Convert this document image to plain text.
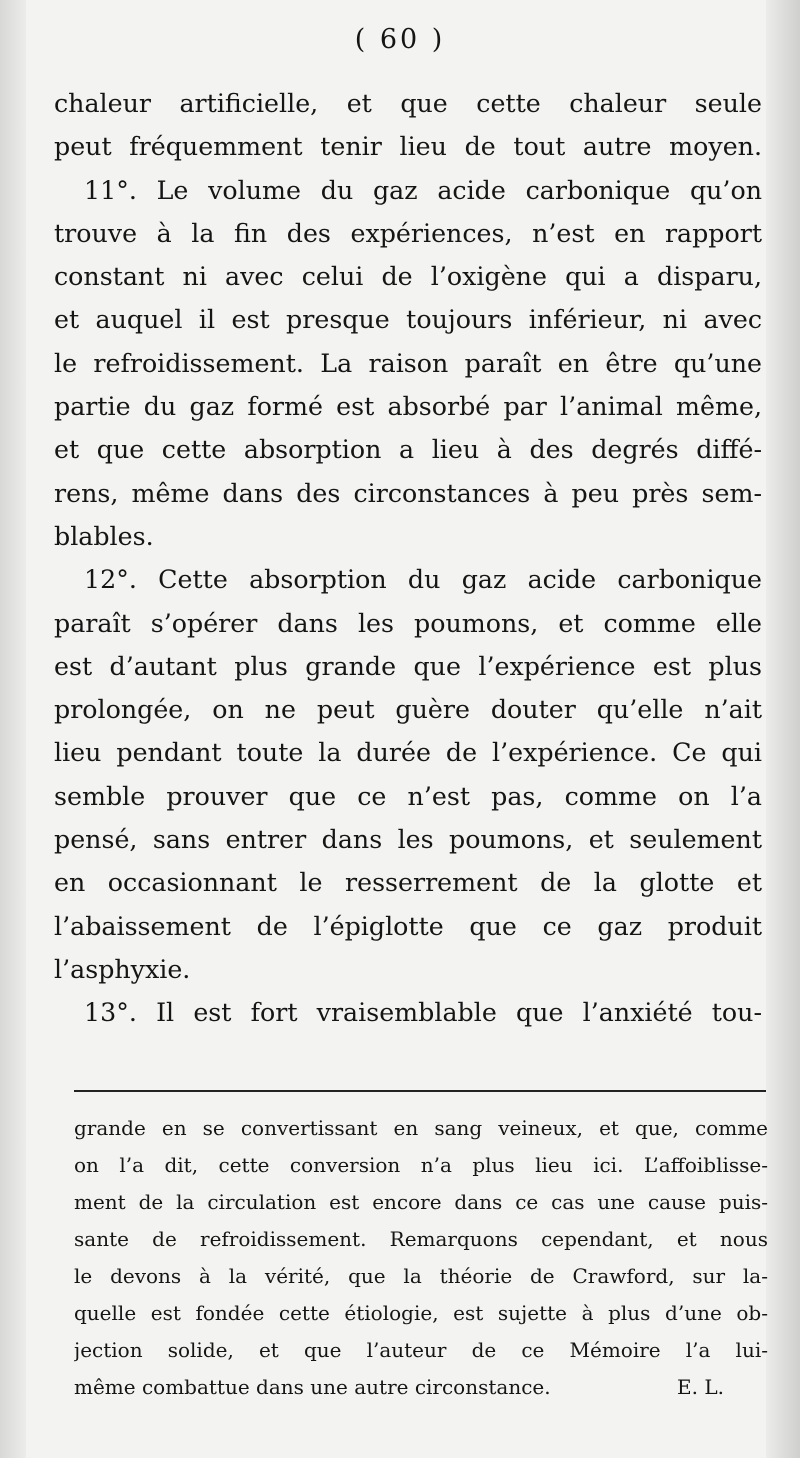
( 60 )
chaleur artificielle, et que cette chaleur seule
peut fréquemment tenir lieu de tout autre moyen.
11°. Le volume du gaz acide carbonique qu’on
trouve à la fin des expériences, n’est en rapport
constant ni avec celui de l’oxigène qui a disparu,
et auquel il est presque toujours inférieur, ni avec
le refroidissement. La raison paraît en être qu’une
partie du gaz formé est absorbé par l’animal même,
et que cette absorption a lieu à des degrés diffé-
rens, même dans des circonstances à peu près sem-
blables.
12°. Cette absorption du gaz acide carbonique
paraît s’opérer dans les poumons, et comme elle
est d’autant plus grande que l’expérience est plus
prolongée, on ne peut guère douter qu’elle n’ait
lieu pendant toute la durée de l’expérience. Ce qui
semble prouver que ce n’est pas, comme on l’a
pensé, sans entrer dans les poumons, et seulement
en occasionnant le resserrement de la glotte et
l’abaissement de l’épiglotte que ce gaz produit
l’asphyxie.
13°. Il est fort vraisemblable que l’anxiété tou-
grande en se convertissant en sang veineux, et que, comme
on l’a dit, cette conversion n’a plus lieu ici. L’affoiblisse-
ment de la circulation est encore dans ce cas une cause puis-
sante de refroidissement. Remarquons cependant, et nous
le devons à la vérité, que la théorie de Crawford, sur la-
quelle est fondée cette étiologie, est sujette à plus d’une ob-
jection solide, et que l’auteur de ce Mémoire l’a lui-
même combattue dans une autre circonstance.	E. L.
